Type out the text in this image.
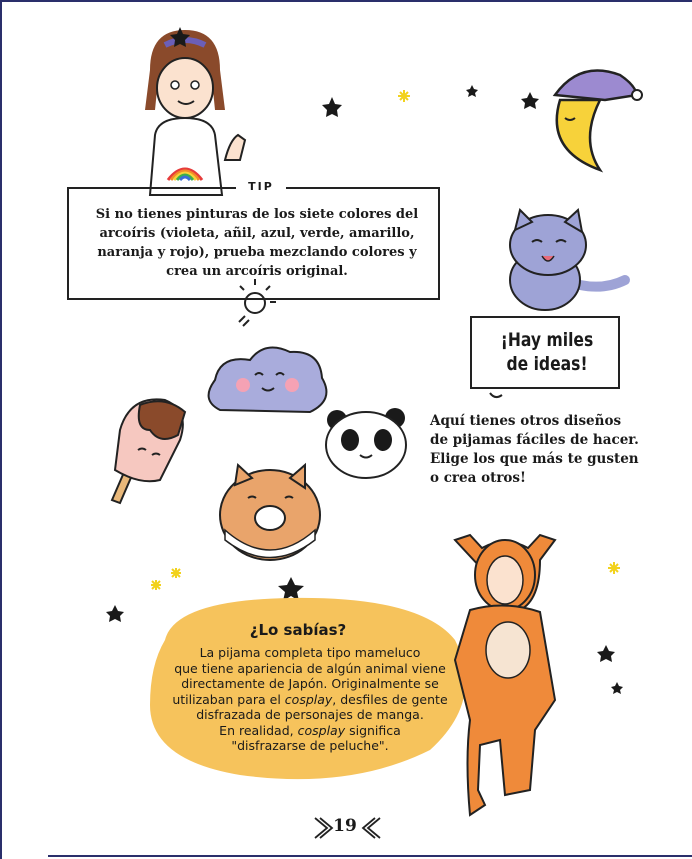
TIP
Si no tienes pinturas de los siete colores del arcoíris (violeta, añil, azul, verde, amarillo, naranja y rojo), prueba mezclando colores y crea un arcoíris original.
¡Hay miles
de ideas!
Aquí tienes otros diseños de pijamas fáciles de hacer. Elige los que más te gusten o crea otros!
¿Lo sabías?
La pijama completa tipo mameluco
que tiene apariencia de algún animal viene
directamente de Japón. Originalmente se
utilizaban para el cosplay, desfiles de gente
disfrazada de personajes de manga.
En realidad, cosplay significa
"disfrazarse de peluche".
19
